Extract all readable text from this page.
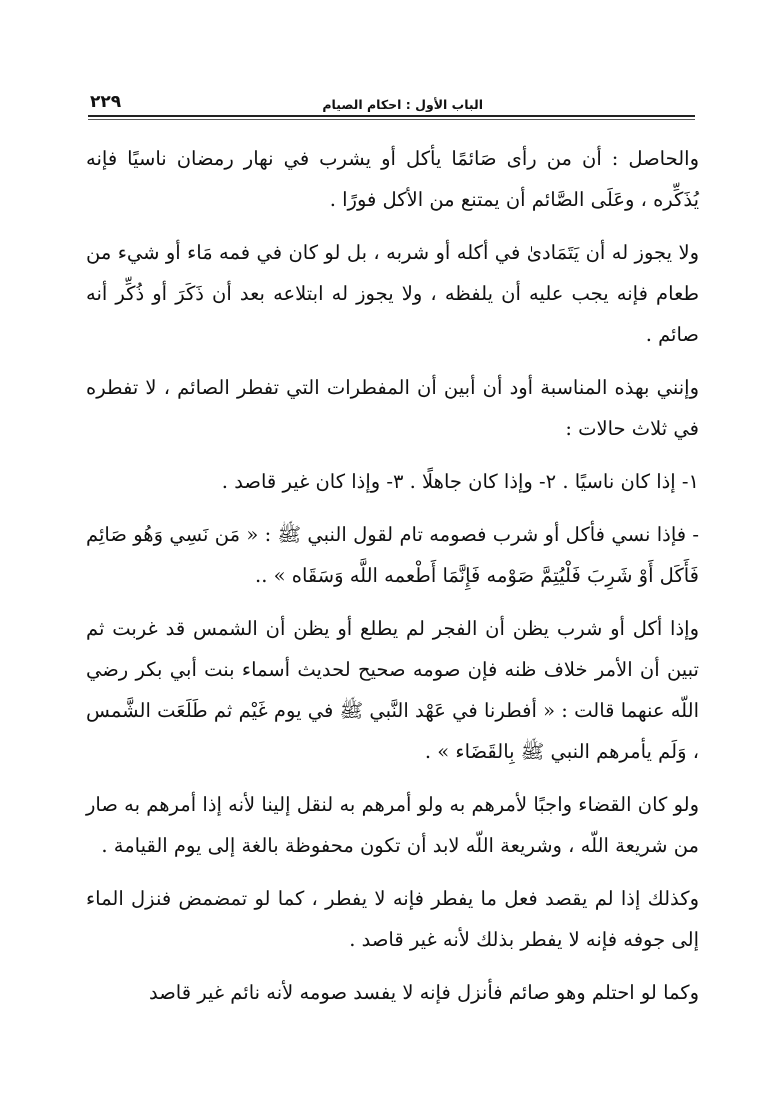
الباب الأول : احكام الصيام
٢٢٩

والحاصل : أن من رأى صَائمًا يأكل أو يشرب في نهار رمضان ناسيًا فإنه يُذَكِّره ، وعَلَى الصَّائم أن يمتنع من الأكل فورًا .

ولا يجوز له أن يَتَمَادىٰ في أكله أو شربه ، بل لو كان في فمه مَاء أو شيء من طعام فإنه يجب عليه أن يلفظه ، ولا يجوز له ابتلاعه بعد أن ذَكَرَ أو ذُكِّر أنه صائم .

وإنني بهذه المناسبة أود أن أبين أن المفطرات التي تفطر الصائم ، لا تفطره في ثلاث حالات :

١- إذا كان ناسيًا . ٢- وإذا كان جاهلًا . ٣- وإذا كان غير قاصد .

- فإذا نسي فأكل أو شرب فصومه تام لقول النبي ﷺ : « مَن نَسِي وَهُو صَائِم فَأَكَل أَوْ شَرِبَ فَلْيُتِمَّ صَوْمه فَإِنَّمَا أَطْعمه اللَّه وَسَقَاه » ..

وإذا أكل أو شرب يظن أن الفجر لم يطلع أو يظن أن الشمس قد غربت ثم تبين أن الأمر خلاف ظنه فإن صومه صحيح لحديث أسماء بنت أبي بكر رضي اللّه عنهما قالت : « أفطرنا في عَهْد النَّبي ﷺ في يوم غَيْم ثم طَلَعَت الشَّمس ، وَلَم يأمرهم النبي ﷺ بِالقَضَاء » .

ولو كان القضاء واجبًا لأمرهم به ولو أمرهم به لنقل إلينا لأنه إذا أمرهم به صار من شريعة اللّه ، وشريعة اللّه لابد أن تكون محفوظة بالغة إلى يوم القيامة .

وكذلك إذا لم يقصد فعل ما يفطر فإنه لا يفطر ، كما لو تمضمض فنزل الماء إلى جوفه فإنه لا يفطر بذلك لأنه غير قاصد .

وكما لو احتلم وهو صائم فأنزل فإنه لا يفسد صومه لأنه نائم غير قاصد
